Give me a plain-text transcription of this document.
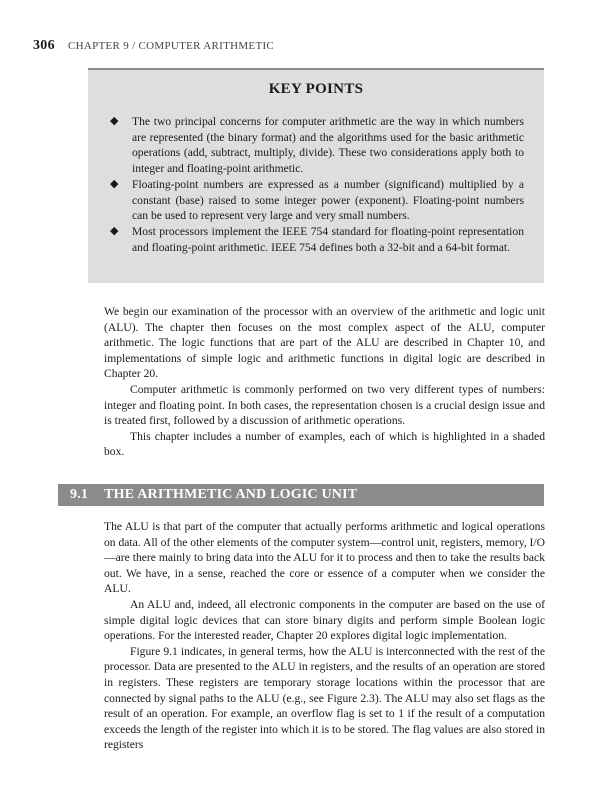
306 CHAPTER 9 / COMPUTER ARITHMETIC
KEY POINTS
◆ The two principal concerns for computer arithmetic are the way in which numbers are represented (the binary format) and the algorithms used for the basic arithmetic operations (add, subtract, multiply, divide). These two considerations apply both to integer and floating-point arithmetic.
◆ Floating-point numbers are expressed as a number (significand) multiplied by a constant (base) raised to some integer power (exponent). Floating-point numbers can be used to represent very large and very small numbers.
◆ Most processors implement the IEEE 754 standard for floating-point representation and floating-point arithmetic. IEEE 754 defines both a 32-bit and a 64-bit format.

We begin our examination of the processor with an overview of the arithmetic and logic unit (ALU). The chapter then focuses on the most complex aspect of the ALU, computer arithmetic. The logic functions that are part of the ALU are described in Chapter 10, and implementations of simple logic and arithmetic functions in digital logic are described in Chapter 20.

Computer arithmetic is commonly performed on two very different types of numbers: integer and floating point. In both cases, the representation chosen is a crucial design issue and is treated first, followed by a discussion of arithmetic operations.

This chapter includes a number of examples, each of which is highlighted in a shaded box.

9.1 THE ARITHMETIC AND LOGIC UNIT

The ALU is that part of the computer that actually performs arithmetic and logical operations on data. All of the other elements of the computer system—control unit, registers, memory, I/O—are there mainly to bring data into the ALU for it to process and then to take the results back out. We have, in a sense, reached the core or essence of a computer when we consider the ALU.

An ALU and, indeed, all electronic components in the computer are based on the use of simple digital logic devices that can store binary digits and perform simple Boolean logic operations. For the interested reader, Chapter 20 explores digital logic implementation.

Figure 9.1 indicates, in general terms, how the ALU is interconnected with the rest of the processor. Data are presented to the ALU in registers, and the results of an operation are stored in registers. These registers are temporary storage locations within the processor that are connected by signal paths to the ALU (e.g., see Figure 2.3). The ALU may also set flags as the result of an operation. For example, an overflow flag is set to 1 if the result of a computation exceeds the length of the register into which it is to be stored. The flag values are also stored in registers
